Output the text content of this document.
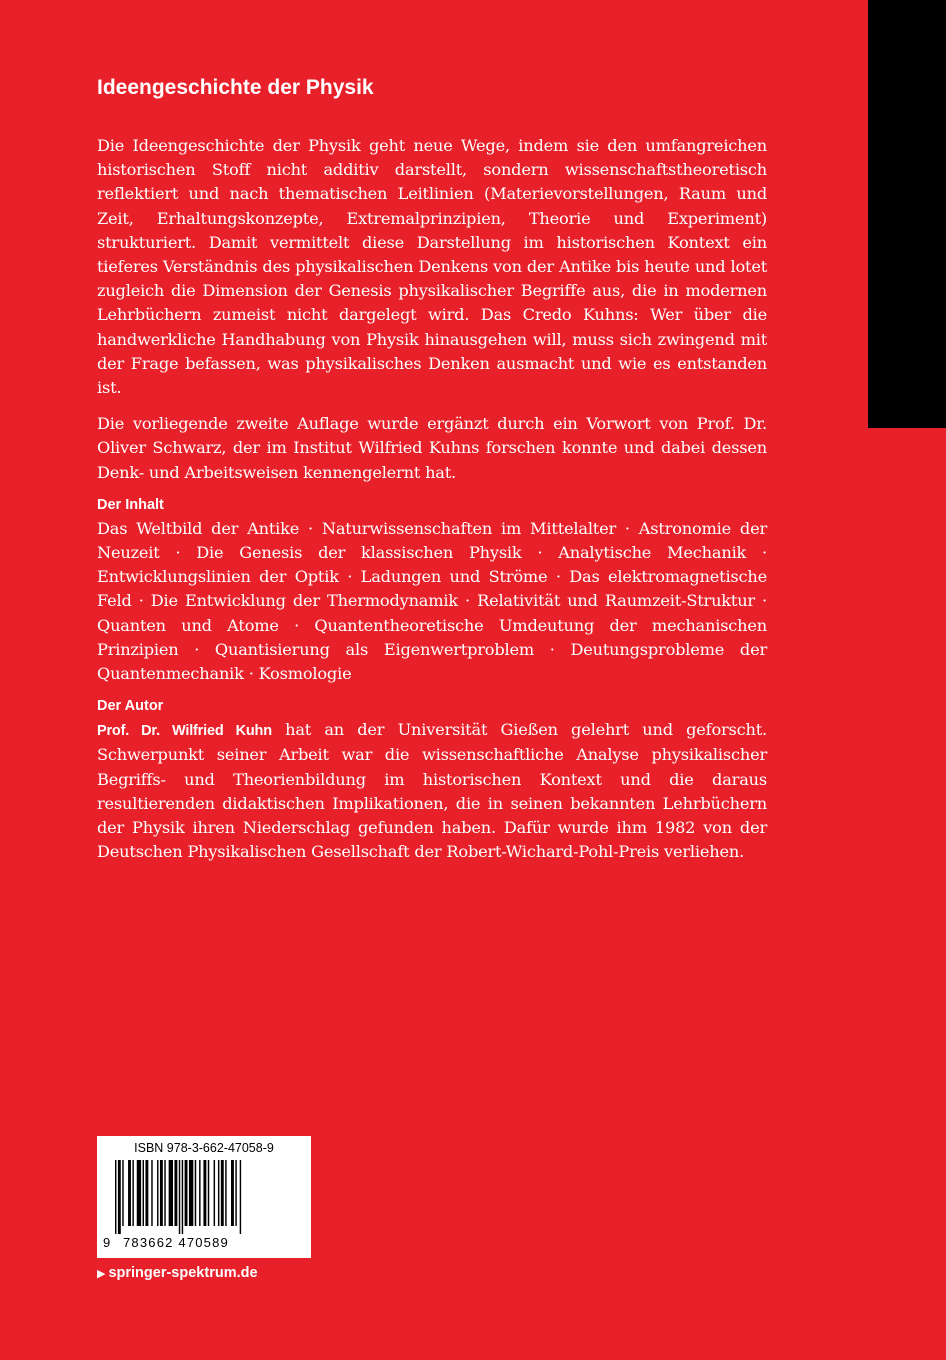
Ideengeschichte der Physik

Die Ideengeschichte der Physik geht neue Wege, indem sie den umfangreichen historischen Stoff nicht additiv darstellt, sondern wissenschaftstheoretisch reflektiert und nach thematischen Leitlinien (Materievorstellungen, Raum und Zeit, Erhaltungskonzepte, Extremalprinzipien, Theorie und Experiment) strukturiert. Damit vermittelt diese Darstellung im historischen Kontext ein tieferes Verständnis des physikalischen Denkens von der Antike bis heute und lotet zugleich die Dimension der Genesis physikalischer Begriffe aus, die in modernen Lehrbüchern zumeist nicht dargelegt wird. Das Credo Kuhns: Wer über die handwerkliche Handhabung von Physik hinausgehen will, muss sich zwingend mit der Frage befassen, was physikalisches Denken ausmacht und wie es entstanden ist.

Die vorliegende zweite Auflage wurde ergänzt durch ein Vorwort von Prof. Dr. Oliver Schwarz, der im Institut Wilfried Kuhns forschen konnte und dabei dessen Denk- und Arbeitsweisen kennengelernt hat.

Der Inhalt

Das Weltbild der Antike · Naturwissenschaften im Mittelalter · Astronomie der Neuzeit · Die Genesis der klassischen Physik · Analytische Mechanik · Entwicklungslinien der Optik · Ladungen und Ströme · Das elektromagnetische Feld · Die Entwicklung der Thermodynamik · Relativität und Raumzeit-Struktur · Quanten und Atome · Quantentheoretische Umdeutung der mechanischen Prinzipien · Quantisierung als Eigenwertproblem · Deutungsprobleme der Quantenmechanik · Kosmologie

Der Autor

Prof. Dr. Wilfried Kuhn hat an der Universität Gießen gelehrt und geforscht. Schwerpunkt seiner Arbeit war die wissenschaftliche Analyse physikalischer Begriffs- und Theorienbildung im historischen Kontext und die daraus resultierenden didaktischen Implikationen, die in seinen bekannten Lehrbüchern der Physik ihren Niederschlag gefunden haben. Dafür wurde ihm 1982 von der Deutschen Physikalischen Gesellschaft der Robert-Wichard-Pohl-Preis verliehen.

ISBN 978-3-662-47058-9
9 783662 470589
▶ springer-spektrum.de
